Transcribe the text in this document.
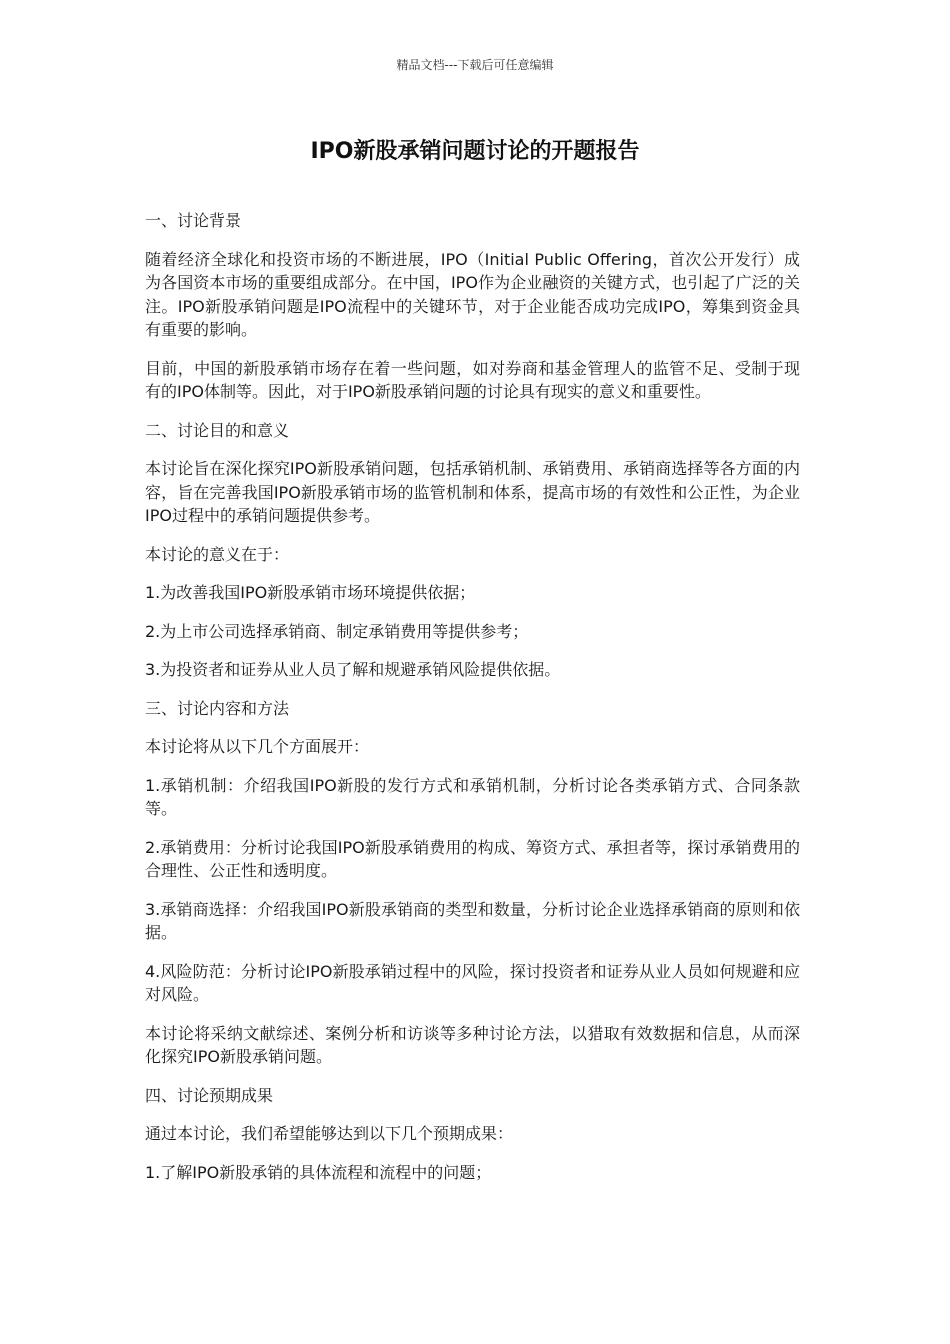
精品文档---下载后可任意编辑
IPO新股承销问题讨论的开题报告

一、讨论背景

随着经济全球化和投资市场的不断进展，IPO（Initial Public Offering，首次公开发行）成为各国资本市场的重要组成部分。在中国，IPO作为企业融资的关键方式，也引起了广泛的关注。IPO新股承销问题是IPO流程中的关键环节，对于企业能否成功完成IPO，筹集到资金具有重要的影响。

目前，中国的新股承销市场存在着一些问题，如对券商和基金管理人的监管不足、受制于现有的IPO体制等。因此，对于IPO新股承销问题的讨论具有现实的意义和重要性。

二、讨论目的和意义

本讨论旨在深化探究IPO新股承销问题，包括承销机制、承销费用、承销商选择等各方面的内容，旨在完善我国IPO新股承销市场的监管机制和体系，提高市场的有效性和公正性，为企业IPO过程中的承销问题提供参考。

本讨论的意义在于：

1.为改善我国IPO新股承销市场环境提供依据；

2.为上市公司选择承销商、制定承销费用等提供参考；

3.为投资者和证券从业人员了解和规避承销风险提供依据。

三、讨论内容和方法

本讨论将从以下几个方面展开：

1.承销机制：介绍我国IPO新股的发行方式和承销机制，分析讨论各类承销方式、合同条款等。

2.承销费用：分析讨论我国IPO新股承销费用的构成、筹资方式、承担者等，探讨承销费用的合理性、公正性和透明度。

3.承销商选择：介绍我国IPO新股承销商的类型和数量，分析讨论企业选择承销商的原则和依据。

4.风险防范：分析讨论IPO新股承销过程中的风险，探讨投资者和证券从业人员如何规避和应对风险。

本讨论将采纳文献综述、案例分析和访谈等多种讨论方法，以猎取有效数据和信息，从而深化探究IPO新股承销问题。

四、讨论预期成果

通过本讨论，我们希望能够达到以下几个预期成果：

1.了解IPO新股承销的具体流程和流程中的问题；
